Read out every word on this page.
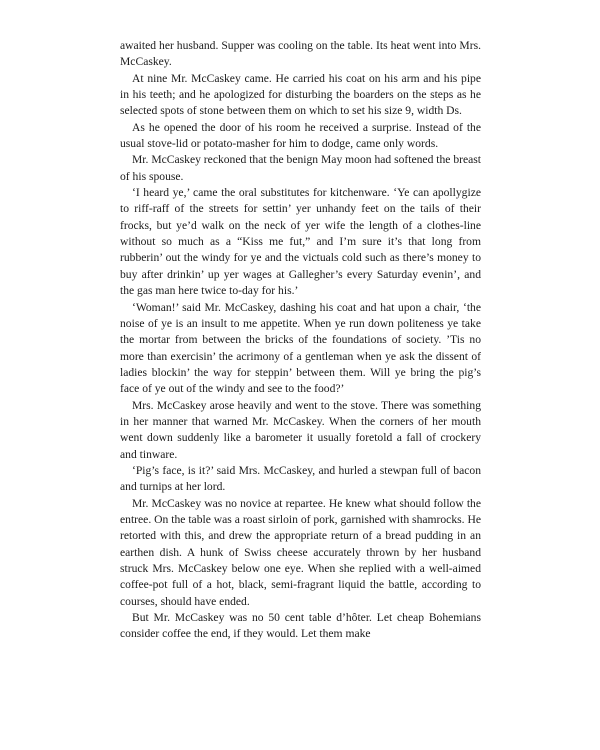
awaited her husband. Supper was cooling on the table. Its heat went into Mrs. McCaskey.

At nine Mr. McCaskey came. He carried his coat on his arm and his pipe in his teeth; and he apologized for disturbing the boarders on the steps as he selected spots of stone between them on which to set his size 9, width Ds.

As he opened the door of his room he received a surprise. Instead of the usual stove-lid or potato-masher for him to dodge, came only words.

Mr. McCaskey reckoned that the benign May moon had softened the breast of his spouse.

‘I heard ye,’ came the oral substitutes for kitchenware. ‘Ye can apollygize to riff-raff of the streets for settin’ yer unhandy feet on the tails of their frocks, but ye’d walk on the neck of yer wife the length of a clothes-line without so much as a “Kiss me fut,” and I’m sure it’s that long from rubberin’ out the windy for ye and the victuals cold such as there’s money to buy after drinkin’ up yer wages at Gallegher’s every Saturday evenin’, and the gas man here twice to-day for his.’

‘Woman!’ said Mr. McCaskey, dashing his coat and hat upon a chair, ‘the noise of ye is an insult to me appetite. When ye run down politeness ye take the mortar from between the bricks of the foundations of society. ’Tis no more than exercisin’ the acrimony of a gentleman when ye ask the dissent of ladies blockin’ the way for steppin’ between them. Will ye bring the pig’s face of ye out of the windy and see to the food?’

Mrs. McCaskey arose heavily and went to the stove. There was something in her manner that warned Mr. McCaskey. When the corners of her mouth went down suddenly like a barometer it usually foretold a fall of crockery and tinware.

‘Pig’s face, is it?’ said Mrs. McCaskey, and hurled a stewpan full of bacon and turnips at her lord.

Mr. McCaskey was no novice at repartee. He knew what should follow the entree. On the table was a roast sirloin of pork, garnished with shamrocks. He retorted with this, and drew the appropriate return of a bread pudding in an earthen dish. A hunk of Swiss cheese accurately thrown by her husband struck Mrs. McCaskey below one eye. When she replied with a well-aimed coffee-pot full of a hot, black, semi-fragrant liquid the battle, according to courses, should have ended.

But Mr. McCaskey was no 50 cent table d’hôter. Let cheap Bohemians consider coffee the end, if they would. Let them make
